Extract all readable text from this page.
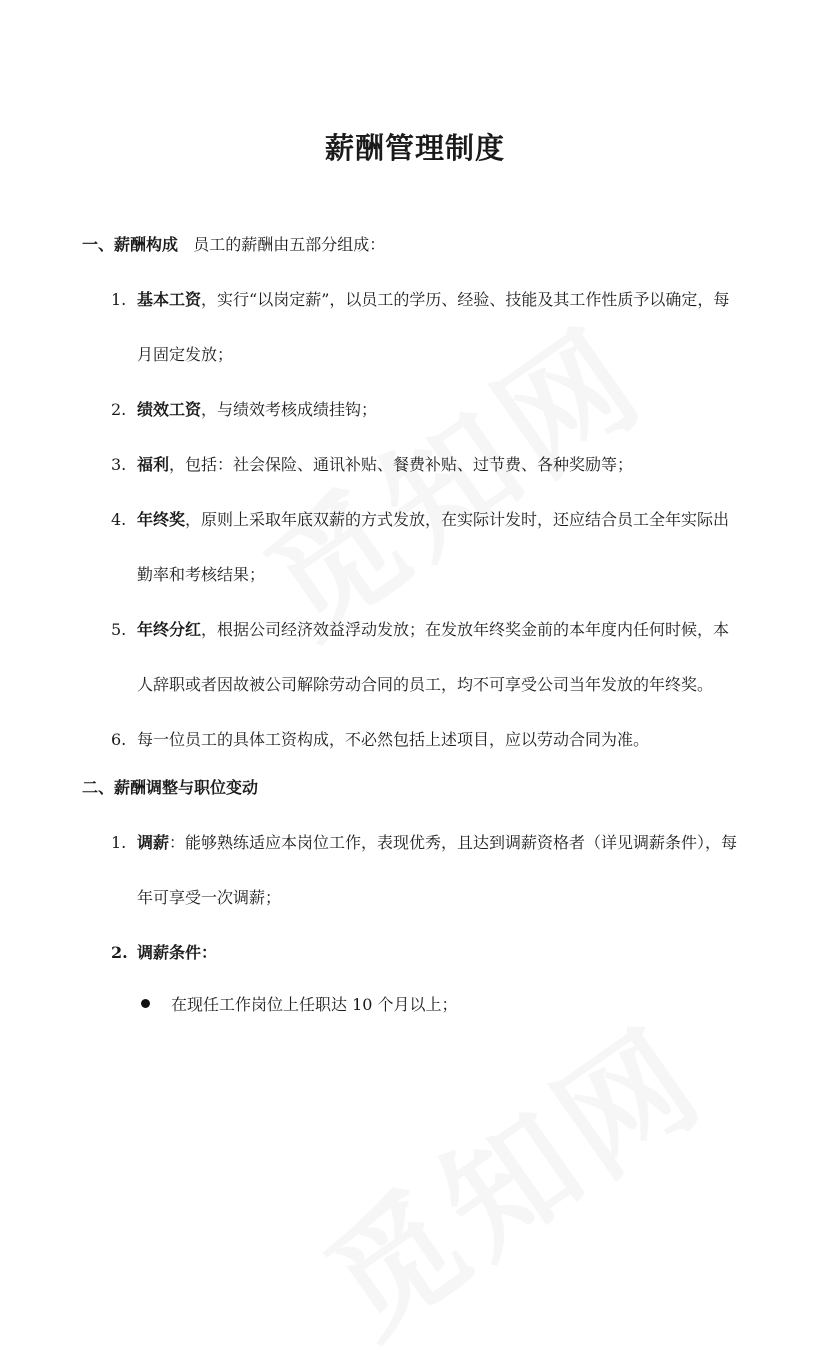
薪酬管理制度
一、薪酬构成 员工的薪酬由五部分组成：
1. 基本工资，实行“以岗定薪”，以员工的学历、经验、技能及其工作性质予以确定，每
月固定发放；
2. 绩效工资，与绩效考核成绩挂钩；
3. 福利，包括：社会保险、通讯补贴、餐费补贴、过节费、各种奖励等；
4. 年终奖，原则上采取年底双薪的方式发放，在实际计发时，还应结合员工全年实际出
勤率和考核结果；
5. 年终分红，根据公司经济效益浮动发放；在发放年终奖金前的本年度内任何时候，本
人辞职或者因故被公司解除劳动合同的员工，均不可享受公司当年发放的年终奖。
6. 每一位员工的具体工资构成，不必然包括上述项目，应以劳动合同为准。
二、薪酬调整与职位变动
1. 调薪：能够熟练适应本岗位工作，表现优秀，且达到调薪资格者（详见调薪条件），每
年可享受一次调薪；
2. 调薪条件：
在现任工作岗位上任职达 10 个月以上；
